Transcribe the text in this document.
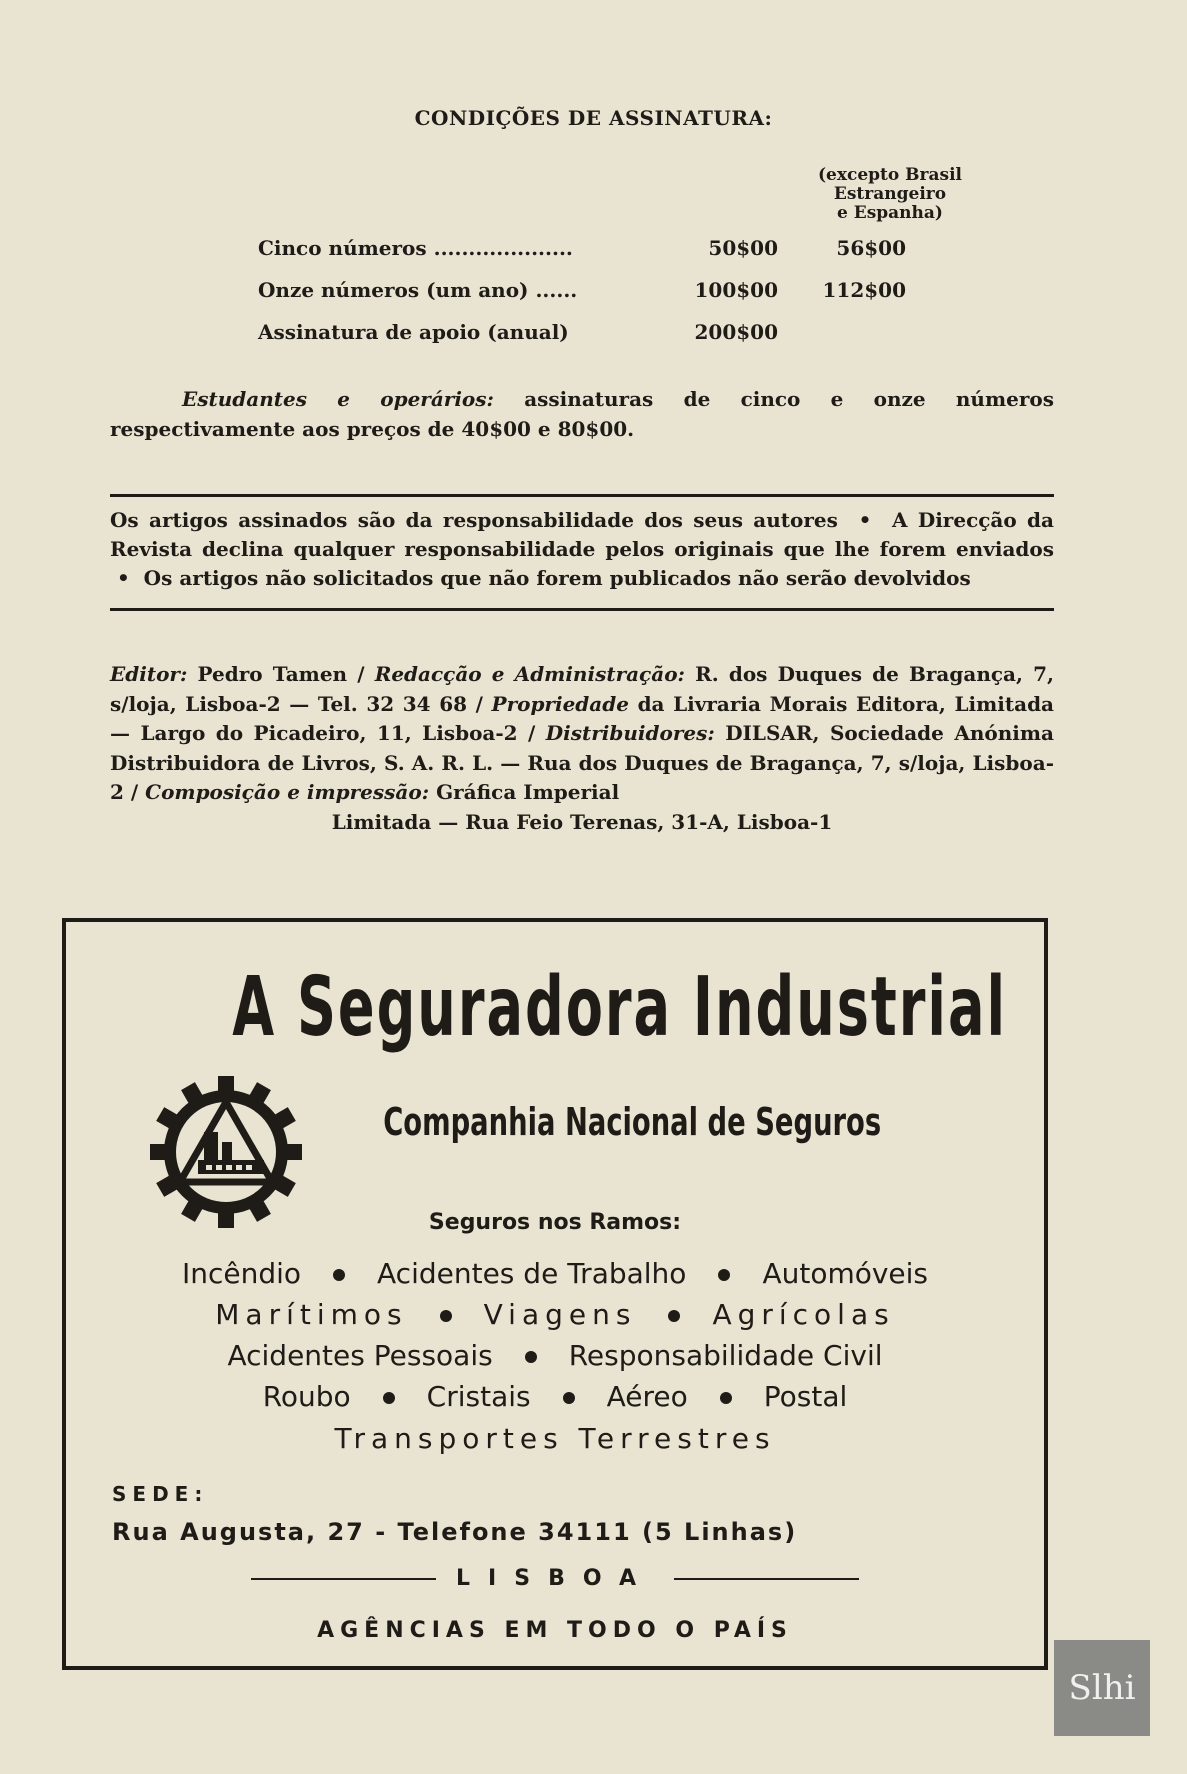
CONDIÇÕES DE ASSINATURA:
(excepto Brasil
Estrangeiro
e Espanha)
Cinco números ....................	50$00	56$00
Onze números (um ano) ......	100$00	112$00
Assinatura de apoio (anual)	200$00
Estudantes e operários: assinaturas de cinco e onze números respectivamente aos preços de 40$00 e 80$00.
Os artigos assinados são da responsabilidade dos seus autores  •  A Direcção da Revista declina qualquer responsabilidade pelos originais que lhe forem enviados  •  Os artigos não solicitados que não forem publicados não serão devolvidos
Editor: Pedro Tamen / Redacção e Administração: R. dos Duques de Bragança, 7, s/loja, Lisboa-2 — Tel. 32 34 68 / Propriedade da Livraria Morais Editora, Limitada — Largo do Picadeiro, 11, Lisboa-2 / Distribuidores: DILSAR, Sociedade Anónima Distribuidora de Livros, S. A. R. L. — Rua dos Duques de Bragança, 7, s/loja, Lisboa-2 / Composição e impressão: Gráfica Imperial
Limitada — Rua Feio Terenas, 31-A, Lisboa-1
A Seguradora Industrial
Companhia Nacional de Seguros
Seguros nos Ramos:
Incêndio	Acidentes de Trabalho	Automóveis
Marítimos	Viagens	Agrícolas
Acidentes Pessoais	Responsabilidade Civil
Roubo	Cristais	Aéreo	Postal
Transportes Terrestres
SEDE:
Rua Augusta, 27 - Telefone 34111 (5 Linhas)
LISBOA
AGÊNCIAS EM TODO O PAÍS
Slhi
